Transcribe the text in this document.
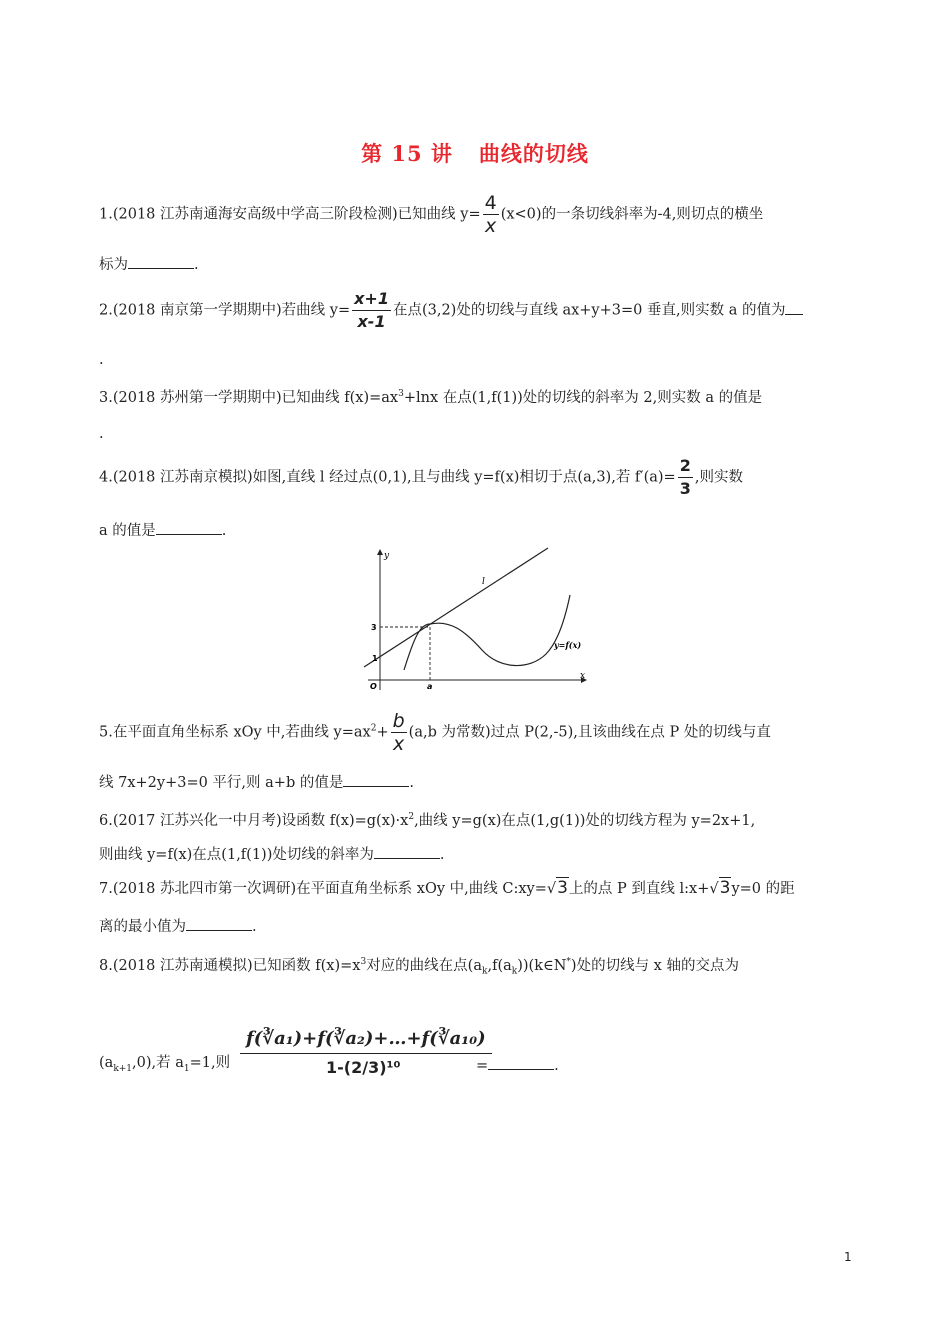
第 15 讲 曲线的切线
1.(2018 江苏南通海安高级中学高三阶段检测)已知曲线 $y= \frac{4}{x} (x<0)$的一条切线斜率为-4,则切点的横坐
标为	.
2.(2018 南京第一学期期中)若曲线 $y= \frac{x+1}{x-1}$ 在点(3,2)处的切线与直线 ax+y+3=0 垂直,则实数 a 的值为
.
3.(2018 苏州第一学期期中)已知曲线 $f(x)=ax^3+\ln x$ 在点(1,f(1))处的切线的斜率为 2,则实数 a 的值是
.
4.(2018 江苏南京模拟)如图,直线 l 经过点(0,1),且与曲线 y=f(x)相切于点(a,3),若 $f'(a)= \frac{2}{3}$ ,则实数
a 的值是	.
y
x
l
y=f(x)
3
1
O	a
5.在平面直角坐标系 xOy 中,若曲线 $y=ax^2+ \frac{b}{x} (a,b$ 为常数)过点 P(2,-5),且该曲线在点 P 处的切线与直
线 7x+2y+3=0 平行,则 a+b 的值是	.
6.(2017 江苏兴化一中月考)设函数 $f(x)=g(x)\cdot x^2$,曲线 y=g(x)在点(1,g(1))处的切线方程为 y=2x+1,
则曲线 y=f(x)在点(1,f(1))处切线的斜率为	.
7.(2018 苏北四市第一次调研)在平面直角坐标系 xOy 中,曲线 C:xy=√3上的点 P 到直线 l:x+√3y=0 的距
离的最小值为	.
8.(2018 江苏南通模拟)已知函数 $f(x)=x^3$对应的曲线在点$(a_k,f(a_k))(k\in N^*)$处的切线与 x 轴的交点为
$(a_{k+1},0)$,若 $a_1=1$,则 $\frac{\text{f(∛a₁)+f(∛a₂)+…+f(∛a₁₀)}}{\text{1-(2/3)¹⁰}}$
=	.
1
